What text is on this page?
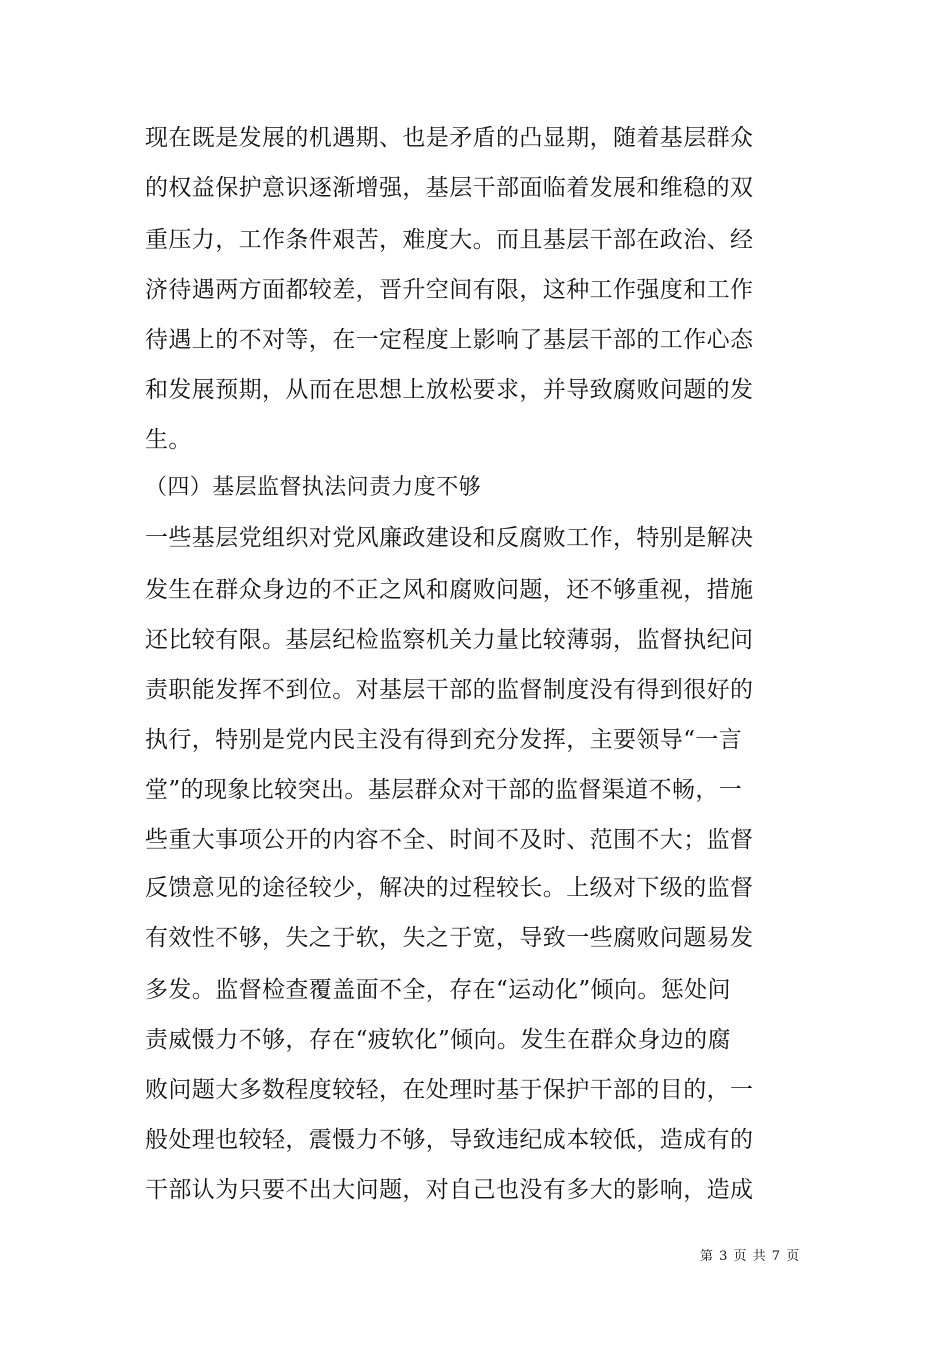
现在既是发展的机遇期、也是矛盾的凸显期，随着基层群众
的权益保护意识逐渐增强，基层干部面临着发展和维稳的双
重压力，工作条件艰苦，难度大。而且基层干部在政治、经
济待遇两方面都较差，晋升空间有限，这种工作强度和工作
待遇上的不对等，在一定程度上影响了基层干部的工作心态
和发展预期，从而在思想上放松要求，并导致腐败问题的发
生。
（四）基层监督执法问责力度不够
一些基层党组织对党风廉政建设和反腐败工作，特别是解决
发生在群众身边的不正之风和腐败问题，还不够重视，措施
还比较有限。基层纪检监察机关力量比较薄弱，监督执纪问
责职能发挥不到位。对基层干部的监督制度没有得到很好的
执行，特别是党内民主没有得到充分发挥，主要领导“一言
堂”的现象比较突出。基层群众对干部的监督渠道不畅，一
些重大事项公开的内容不全、时间不及时、范围不大；监督
反馈意见的途径较少，解决的过程较长。上级对下级的监督
有效性不够，失之于软，失之于宽，导致一些腐败问题易发
多发。监督检查覆盖面不全，存在“运动化”倾向。惩处问
责威慑力不够，存在“疲软化”倾向。发生在群众身边的腐
败问题大多数程度较轻，在处理时基于保护干部的目的，一
般处理也较轻，震慑力不够，导致违纪成本较低，造成有的
干部认为只要不出大问题，对自己也没有多大的影响，造成
第 3 页 共 7 页
